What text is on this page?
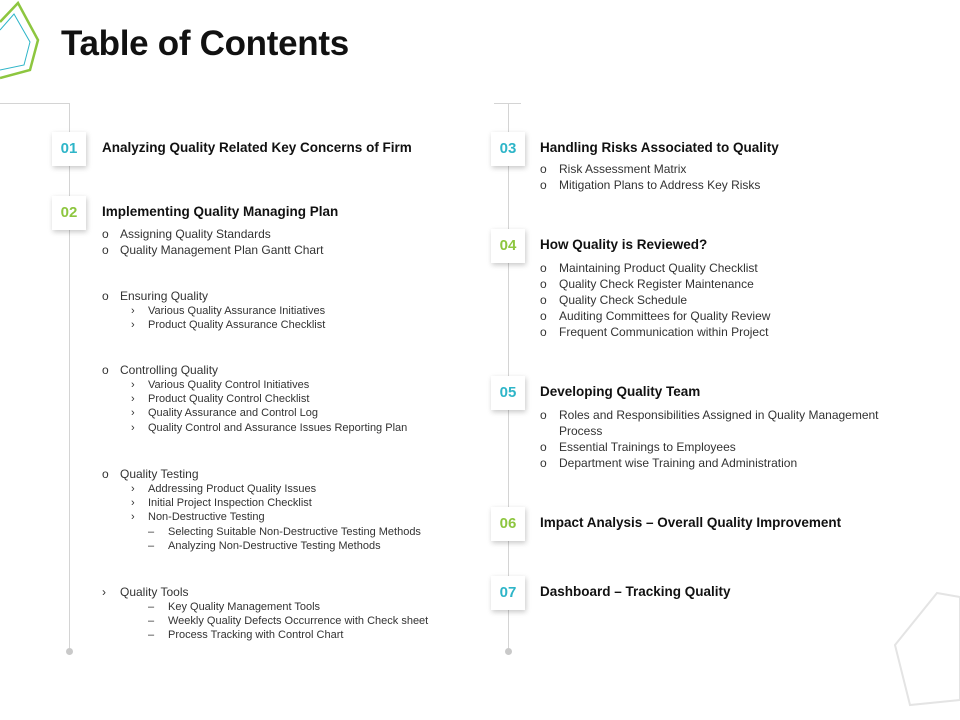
Table of Contents
01
02
03
04
05
06
07
Analyzing Quality Related Key Concerns of Firm
Implementing Quality Managing Plan
Handling Risks Associated to Quality
How Quality is Reviewed?
Developing Quality Team
Impact Analysis – Overall Quality Improvement
Dashboard – Tracking Quality
o Assigning Quality Standards
o Quality Management Plan Gantt Chart
o Ensuring Quality
› Various Quality Assurance Initiatives
› Product Quality Assurance Checklist
o Controlling Quality
› Various Quality Control Initiatives
› Product Quality Control Checklist
› Quality Assurance and Control Log
› Quality Control and Assurance Issues Reporting Plan
o Quality Testing
› Addressing Product Quality Issues
› Initial Project Inspection Checklist
› Non-Destructive Testing
– Selecting Suitable Non-Destructive Testing Methods
– Analyzing Non-Destructive Testing Methods
› Quality Tools
– Key Quality Management Tools
– Weekly Quality Defects Occurrence with Check sheet
– Process Tracking with Control Chart
o Risk Assessment Matrix
o Mitigation Plans to Address Key Risks
o Maintaining Product Quality Checklist
o Quality Check Register Maintenance
o Quality Check Schedule
o Auditing Committees for Quality Review
o Frequent Communication within Project
o Roles and Responsibilities Assigned in Quality Management
Process
o Essential Trainings to Employees
o Department wise Training and Administration
